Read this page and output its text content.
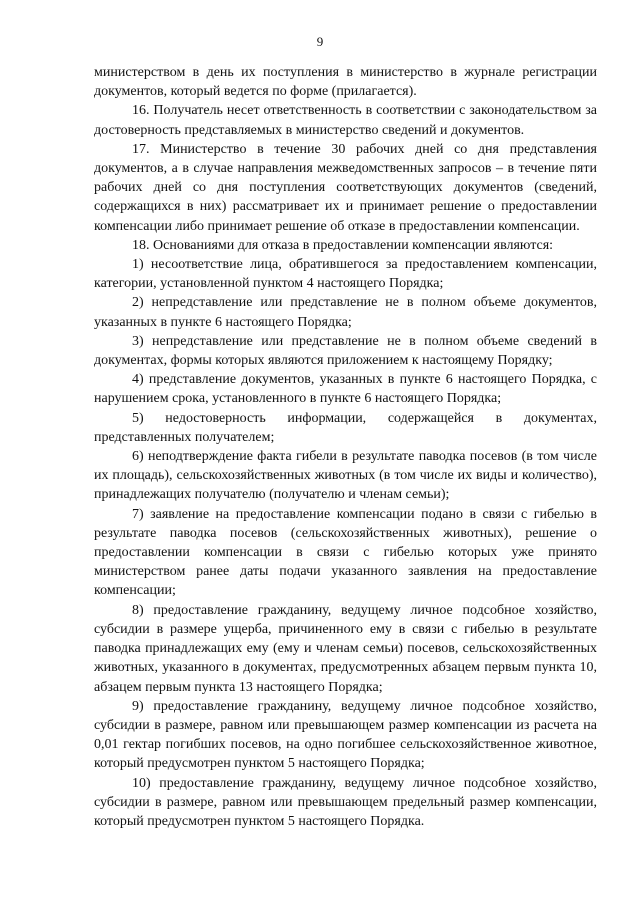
9

министерством в день их поступления в министерство в журнале регистрации документов, который ведется по форме (прилагается).

16. Получатель несет ответственность в соответствии с законодательством за достоверность представляемых в министерство сведений и документов.

17. Министерство в течение 30 рабочих дней со дня представления документов, а в случае направления межведомственных запросов – в течение пяти рабочих дней со дня поступления соответствующих документов (сведений, содержащихся в них) рассматривает их и принимает решение о предоставлении компенсации либо принимает решение об отказе в предоставлении компенсации.

18. Основаниями для отказа в предоставлении компенсации являются:

1) несоответствие лица, обратившегося за предоставлением компенсации, категории, установленной пунктом 4 настоящего Порядка;

2) непредставление или представление не в полном объеме документов, указанных в пункте 6 настоящего Порядка;

3) непредставление или представление не в полном объеме сведений в документах, формы которых являются приложением к настоящему Порядку;

4) представление документов, указанных в пункте 6 настоящего Порядка, с нарушением срока, установленного в пункте 6 настоящего Порядка;

5) недостоверность информации, содержащейся в документах, представленных получателем;

6) неподтверждение факта гибели в результате паводка посевов (в том числе их площадь), сельскохозяйственных животных (в том числе их виды и количество), принадлежащих получателю (получателю и членам семьи);

7) заявление на предоставление компенсации подано в связи с гибелью в результате паводка посевов (сельскохозяйственных животных), решение о предоставлении компенсации в связи с гибелью которых уже принято министерством ранее даты подачи указанного заявления на предоставление компенсации;

8) предоставление гражданину, ведущему личное подсобное хозяйство, субсидии в размере ущерба, причиненного ему в связи с гибелью в результате паводка принадлежащих ему (ему и членам семьи) посевов, сельскохозяйственных животных, указанного в документах, предусмотренных абзацем первым пункта 10, абзацем первым пункта 13 настоящего Порядка;

9) предоставление гражданину, ведущему личное подсобное хозяйство, субсидии в размере, равном или превышающем размер компенсации из расчета на 0,01 гектар погибших посевов, на одно погибшее сельскохозяйственное животное, который предусмотрен пунктом 5 настоящего Порядка;

10) предоставление гражданину, ведущему личное подсобное хозяйство, субсидии в размере, равном или превышающем предельный размер компенсации, который предусмотрен пунктом 5 настоящего Порядка.
